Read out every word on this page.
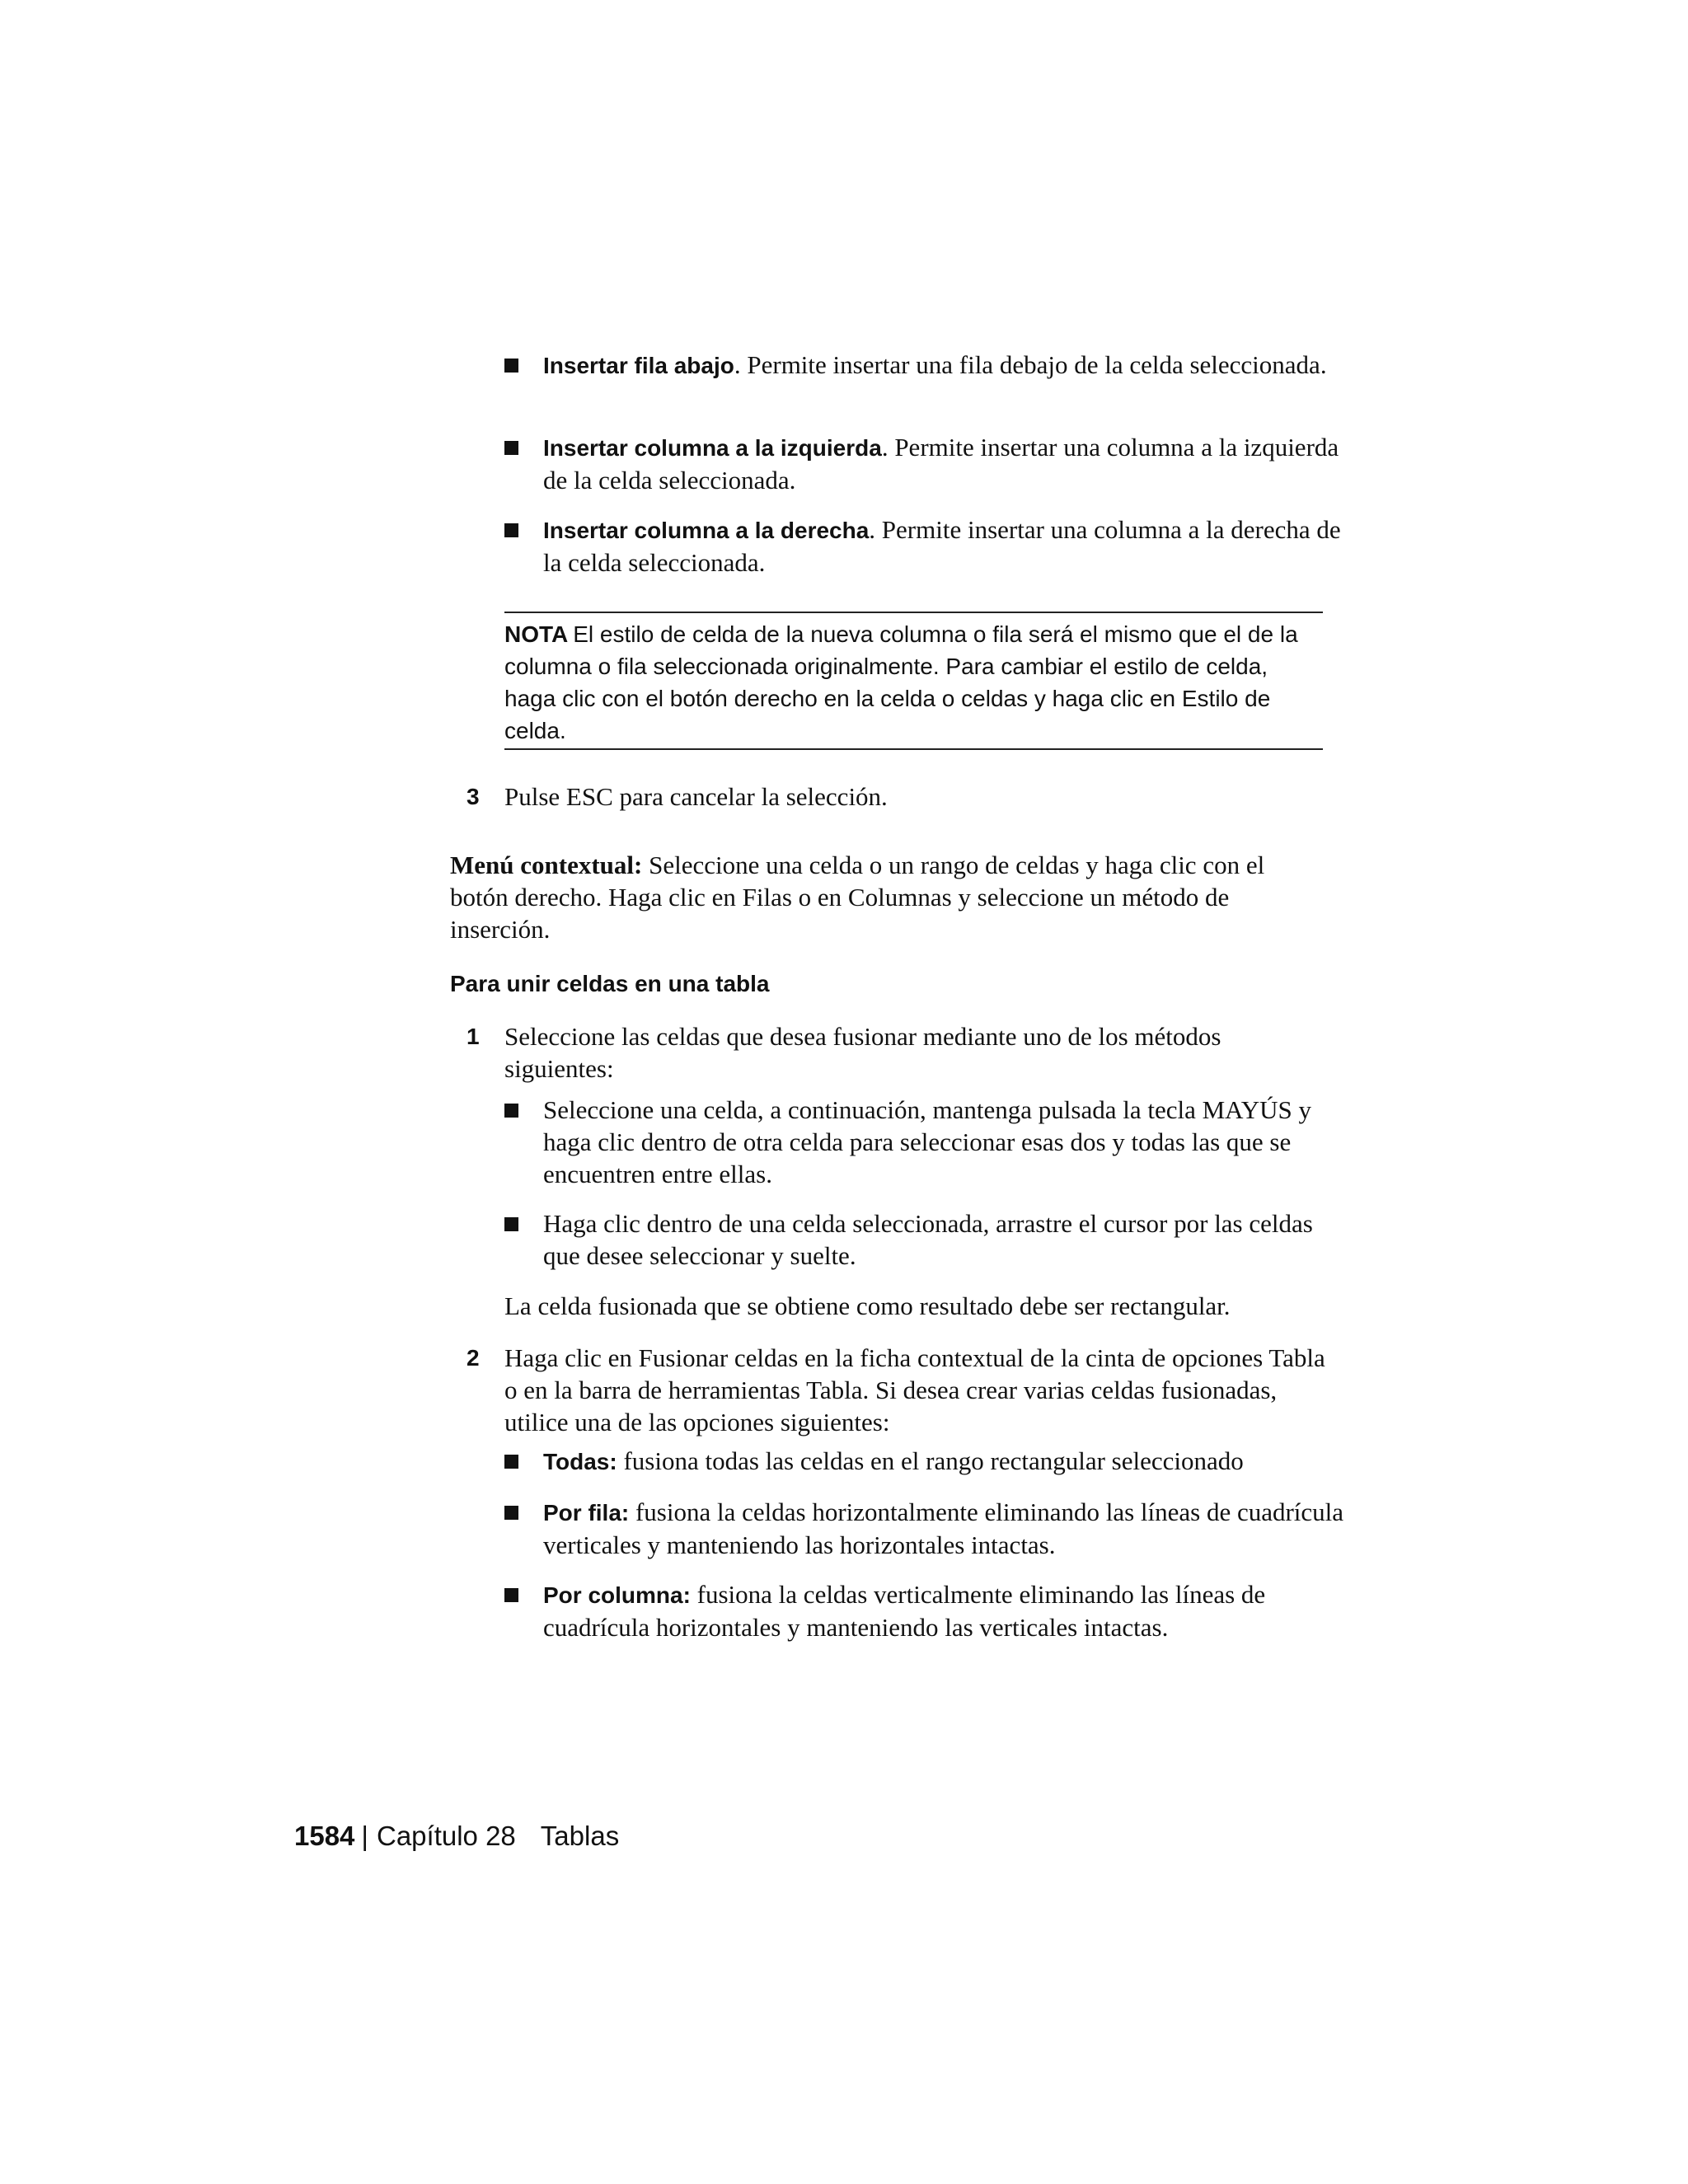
Insertar fila abajo. Permite insertar una fila debajo de la celda seleccionada.
Insertar columna a la izquierda. Permite insertar una columna a la izquierda de la celda seleccionada.
Insertar columna a la derecha. Permite insertar una columna a la derecha de la celda seleccionada.
NOTA El estilo de celda de la nueva columna o fila será el mismo que el de la columna o fila seleccionada originalmente. Para cambiar el estilo de celda, haga clic con el botón derecho en la celda o celdas y haga clic en Estilo de celda.
3 Pulse ESC para cancelar la selección.
Menú contextual: Seleccione una celda o un rango de celdas y haga clic con el botón derecho. Haga clic en Filas o en Columnas y seleccione un método de inserción.
Para unir celdas en una tabla
1 Seleccione las celdas que desea fusionar mediante uno de los métodos siguientes:
Seleccione una celda, a continuación, mantenga pulsada la tecla MAYÚS y haga clic dentro de otra celda para seleccionar esas dos y todas las que se encuentren entre ellas.
Haga clic dentro de una celda seleccionada, arrastre el cursor por las celdas que desee seleccionar y suelte.
La celda fusionada que se obtiene como resultado debe ser rectangular.
2 Haga clic en Fusionar celdas en la ficha contextual de la cinta de opciones Tabla o en la barra de herramientas Tabla. Si desea crear varias celdas fusionadas, utilice una de las opciones siguientes:
Todas: fusiona todas las celdas en el rango rectangular seleccionado
Por fila: fusiona la celdas horizontalmente eliminando las líneas de cuadrícula verticales y manteniendo las horizontales intactas.
Por columna: fusiona la celdas verticalmente eliminando las líneas de cuadrícula horizontales y manteniendo las verticales intactas.
1584 | Capítulo 28 Tablas
